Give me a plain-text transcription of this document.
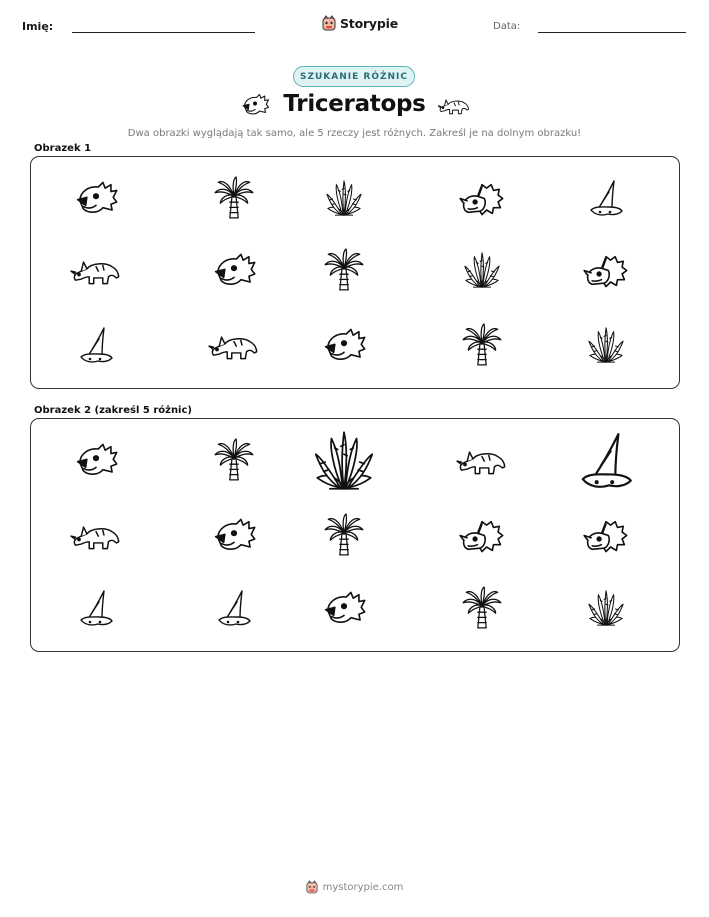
Imię:	Storypie	Data:
SZUKANIE RÓŻNIC
Triceratops
Dwa obrazki wyglądają tak samo, ale 5 rzeczy jest różnych. Zakreśl je na dolnym obrazku!
Obrazek 1
Obrazek 2 (zakreśl 5 różnic)
mystorypie.com
